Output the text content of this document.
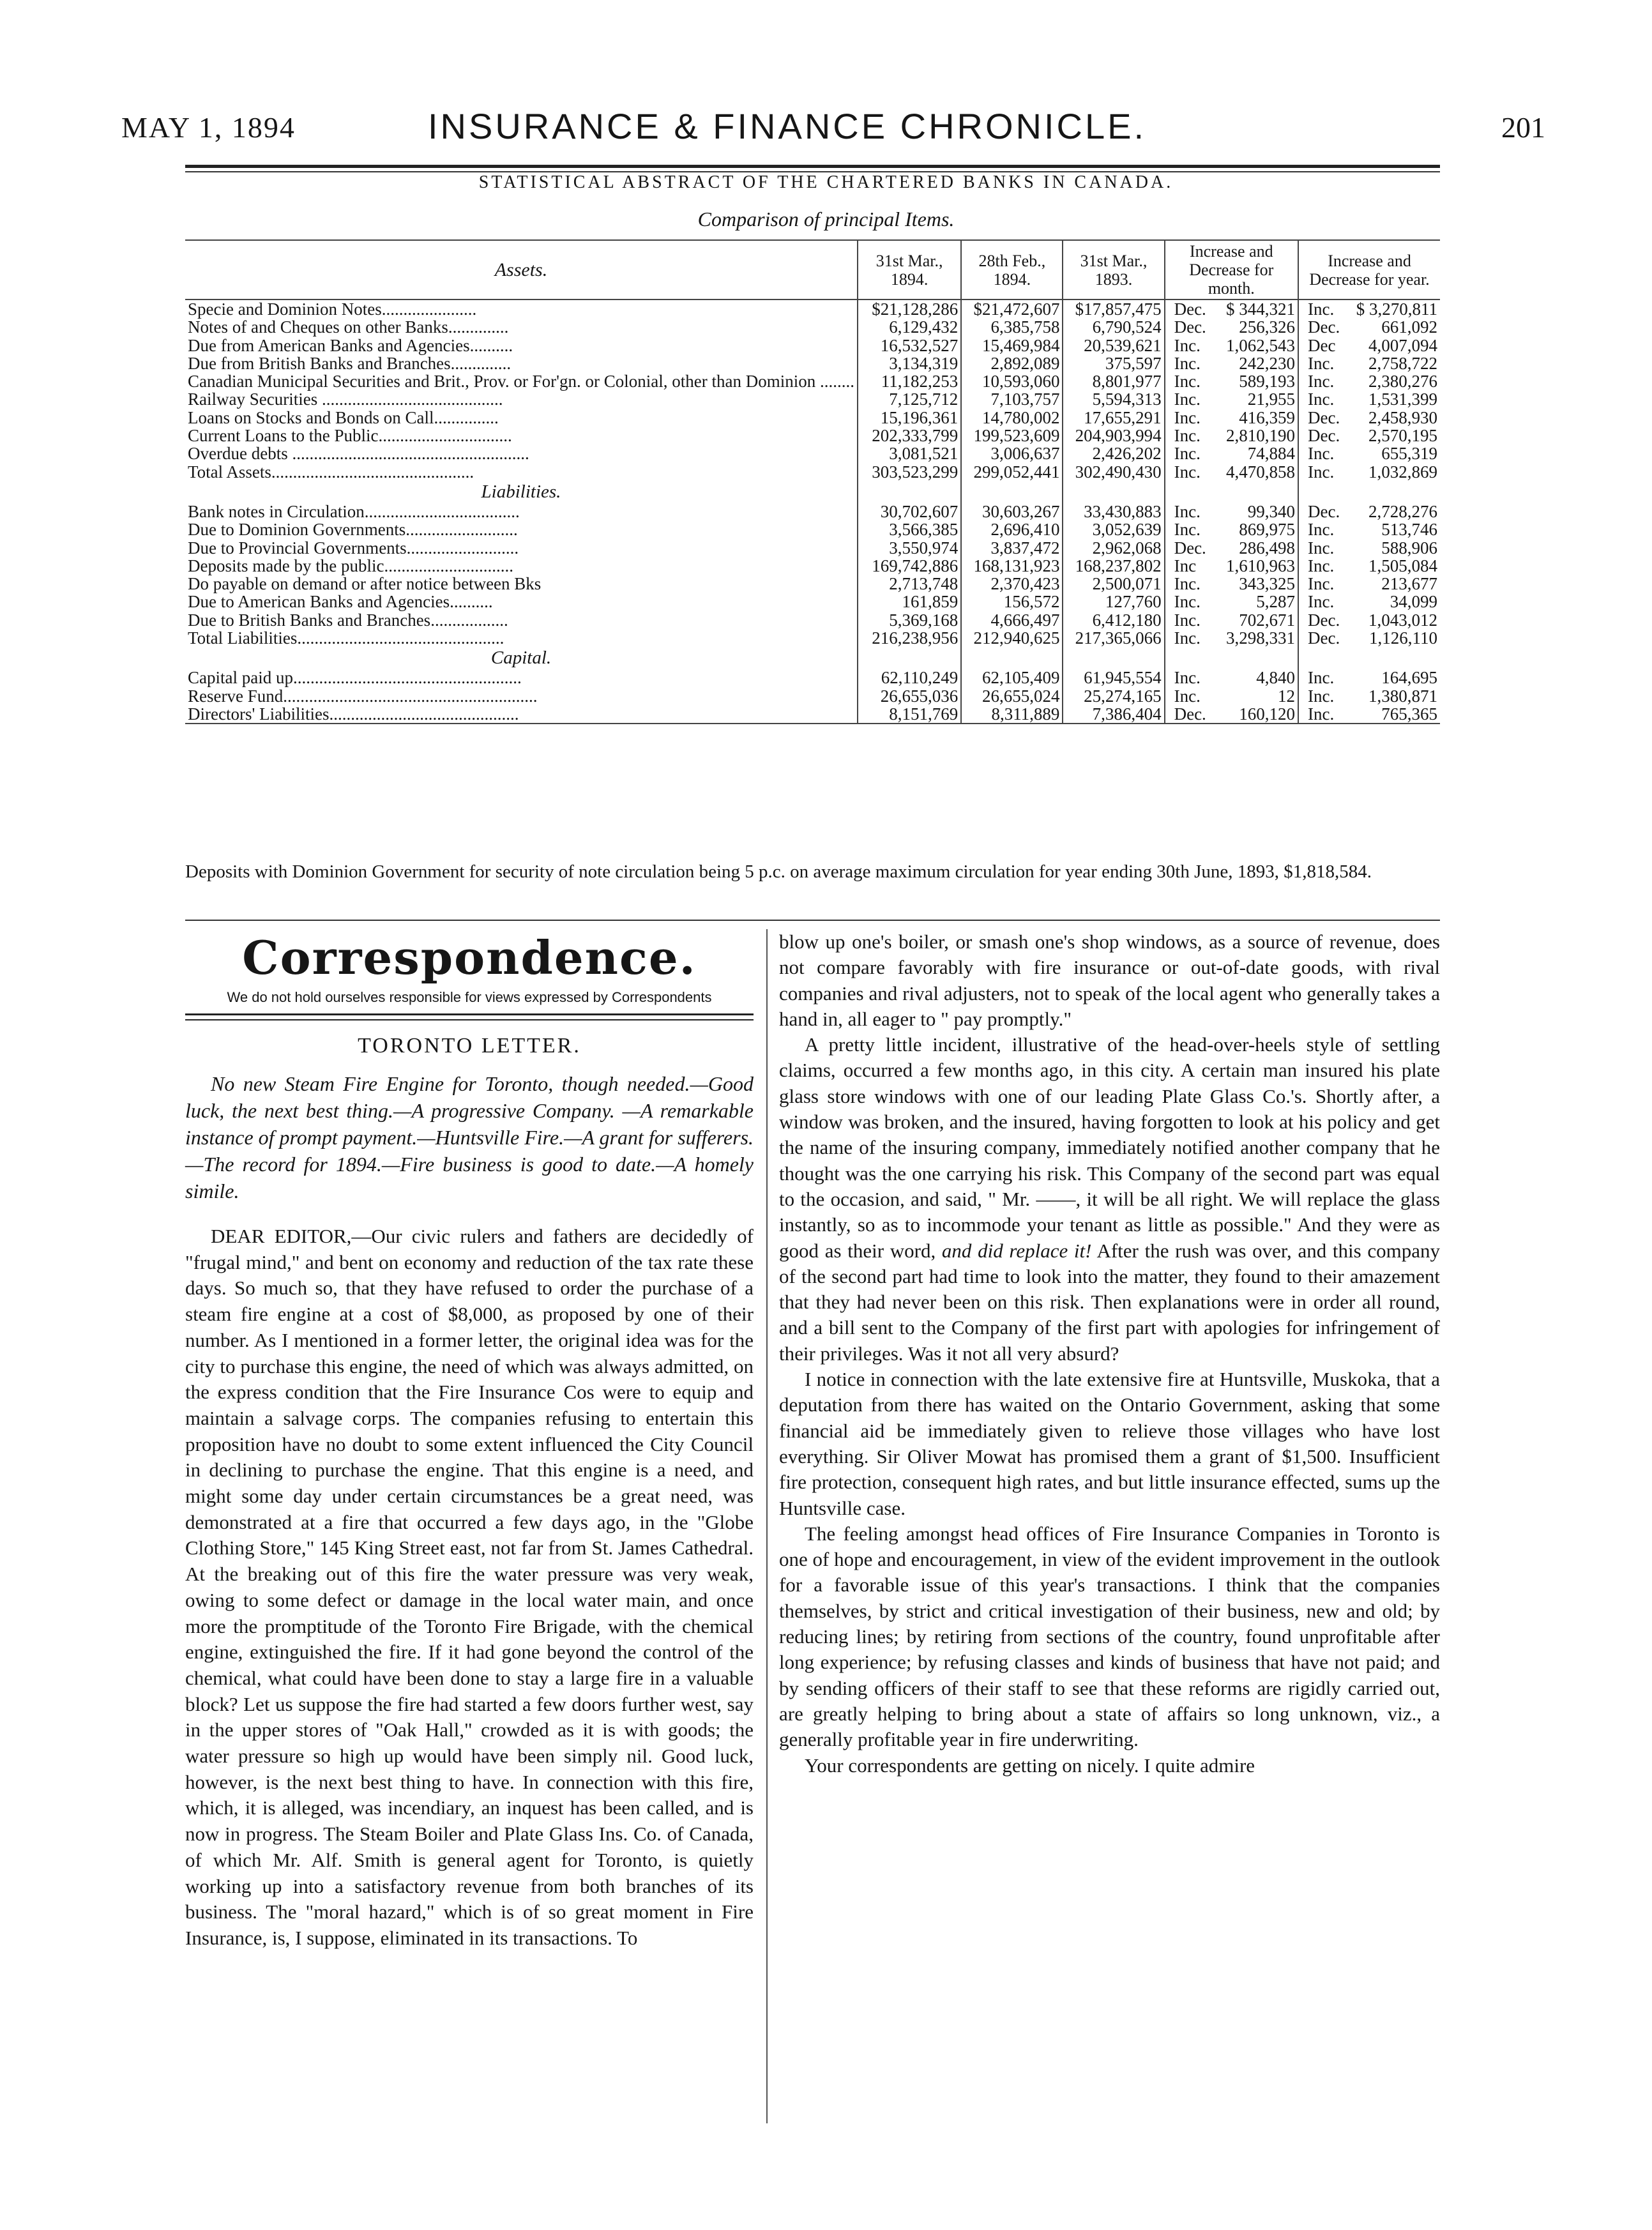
MAY 1, 1894	INSURANCE & FINANCE CHRONICLE.	201
STATISTICAL ABSTRACT OF THE CHARTERED BANKS IN CANADA.
Comparison of principal Items.
Assets.	31st Mar., 1894.	28th Feb., 1894.	31st Mar., 1893.	Increase and Decrease for month.		Increase and Decrease for year.	
Specie and Dominion Notes......................	$21,128,286	$21,472,607	$17,857,475	Dec.	$ 344,321	Inc.	$ 3,270,811
Notes of and Cheques on other Banks..............	6,129,432	6,385,758	6,790,524	Dec.	256,326	Dec.	661,092
Due from American Banks and Agencies..........	16,532,527	15,469,984	20,539,621	Inc.	1,062,543	Dec	4,007,094
Due from British Banks and Branches..............	3,134,319	2,892,089	375,597	Inc.	242,230	Inc.	2,758,722
Canadian Municipal Securities and Brit., Prov. or For'gn. or Colonial, other than Dominion ........	11,182,253	10,593,060	8,801,977	Inc.	589,193	Inc.	2,380,276
Railway Securities ..........................................	7,125,712	7,103,757	5,594,313	Inc.	21,955	Inc.	1,531,399
Loans on Stocks and Bonds on Call...............	15,196,361	14,780,002	17,655,291	Inc.	416,359	Dec.	2,458,930
Current Loans to the Public...............................	202,333,799	199,523,609	204,903,994	Inc.	2,810,190	Dec.	2,570,195
Overdue debts .......................................................	3,081,521	3,006,637	2,426,202	Inc.	74,884	Inc.	655,319
Total Assets...............................................	303,523,299	299,052,441	302,490,430	Inc.	4,470,858	Inc.	1,032,869
Liabilities.							
Bank notes in Circulation....................................	30,702,607	30,603,267	33,430,883	Inc.	99,340	Dec.	2,728,276
Due to Dominion Governments..........................	3,566,385	2,696,410	3,052,639	Inc.	869,975	Inc.	513,746
Due to Provincial Governments..........................	3,550,974	3,837,472	2,962,068	Dec.	286,498	Inc.	588,906
Deposits made by the public..............................	169,742,886	168,131,923	168,237,802	Inc	1,610,963	Inc.	1,505,084
Do payable on demand or after notice between Bks	2,713,748	2,370,423	2,500,071	Inc.	343,325	Inc.	213,677
Due to American Banks and Agencies..........	161,859	156,572	127,760	Inc.	5,287	Inc.	34,099
Due to British Banks and Branches..................	5,369,168	4,666,497	6,412,180	Inc.	702,671	Dec.	1,043,012
Total Liabilities................................................	216,238,956	212,940,625	217,365,066	Inc.	3,298,331	Dec.	1,126,110
Capital.							
Capital paid up.....................................................	62,110,249	62,105,409	61,945,554	Inc.	4,840	Inc.	164,695
Reserve Fund...........................................................	26,655,036	26,655,024	25,274,165	Inc.	12	Inc.	1,380,871
Directors' Liabilities............................................	8,151,769	8,311,889	7,386,404	Dec.	160,120	Inc.	765,365
Deposits with Dominion Government for security of note circulation being 5 p.c. on average maximum circulation for year ending 30th June, 1893, $1,818,584.
Correspondence.

We do not hold ourselves responsible for views expressed by Correspondents

TORONTO LETTER.

No new Steam Fire Engine for Toronto, though needed.—Good luck, the next best thing.—A progressive Company. —A remarkable instance of prompt payment.—Huntsville Fire.—A grant for sufferers.—The record for 1894.—Fire business is good to date.—A homely simile.

DEAR EDITOR,—Our civic rulers and fathers are decidedly of "frugal mind," and bent on economy and reduction of the tax rate these days. So much so, that they have refused to order the purchase of a steam fire engine at a cost of $8,000, as proposed by one of their number. As I mentioned in a former letter, the original idea was for the city to purchase this engine, the need of which was always admitted, on the express condition that the Fire Insurance Cos were to equip and maintain a salvage corps. The companies refusing to entertain this proposition have no doubt to some extent influenced the City Council in declining to purchase the engine. That this engine is a need, and might some day under certain circumstances be a great need, was demonstrated at a fire that occurred a few days ago, in the "Globe Clothing Store," 145 King Street east, not far from St. James Cathedral. At the breaking out of this fire the water pressure was very weak, owing to some defect or damage in the local water main, and once more the promptitude of the Toronto Fire Brigade, with the chemical engine, extinguished the fire. If it had gone beyond the control of the chemical, what could have been done to stay a large fire in a valuable block? Let us suppose the fire had started a few doors further west, say in the upper stores of "Oak Hall," crowded as it is with goods; the water pressure so high up would have been simply nil. Good luck, however, is the next best thing to have. In connection with this fire, which, it is alleged, was incendiary, an inquest has been called, and is now in progress. The Steam Boiler and Plate Glass Ins. Co. of Canada, of which Mr. Alf. Smith is general agent for Toronto, is quietly working up into a satisfactory revenue from both branches of its business. The "moral hazard," which is of so great moment in Fire Insurance, is, I suppose, eliminated in its transactions. To

blow up one's boiler, or smash one's shop windows, as a source of revenue, does not compare favorably with fire insurance or out-of-date goods, with rival companies and rival adjusters, not to speak of the local agent who generally takes a hand in, all eager to " pay promptly."

A pretty little incident, illustrative of the head-over-heels style of settling claims, occurred a few months ago, in this city. A certain man insured his plate glass store windows with one of our leading Plate Glass Co.'s. Shortly after, a window was broken, and the insured, having forgotten to look at his policy and get the name of the insuring company, immediately notified another company that he thought was the one carrying his risk. This Company of the second part was equal to the occasion, and said, " Mr. ——, it will be all right. We will replace the glass instantly, so as to incommode your tenant as little as possible." And they were as good as their word, and did replace it! After the rush was over, and this company of the second part had time to look into the matter, they found to their amazement that they had never been on this risk. Then explanations were in order all round, and a bill sent to the Company of the first part with apologies for infringement of their privileges. Was it not all very absurd?

I notice in connection with the late extensive fire at Huntsville, Muskoka, that a deputation from there has waited on the Ontario Government, asking that some financial aid be immediately given to relieve those villages who have lost everything. Sir Oliver Mowat has promised them a grant of $1,500. Insufficient fire protection, consequent high rates, and but little insurance effected, sums up the Huntsville case.

The feeling amongst head offices of Fire Insurance Companies in Toronto is one of hope and encouragement, in view of the evident improvement in the outlook for a favorable issue of this year's transactions. I think that the companies themselves, by strict and critical investigation of their business, new and old; by reducing lines; by retiring from sections of the country, found unprofitable after long experience; by refusing classes and kinds of business that have not paid; and by sending officers of their staff to see that these reforms are rigidly carried out, are greatly helping to bring about a state of affairs so long unknown, viz., a generally profitable year in fire underwriting.

Your correspondents are getting on nicely. I quite admire
